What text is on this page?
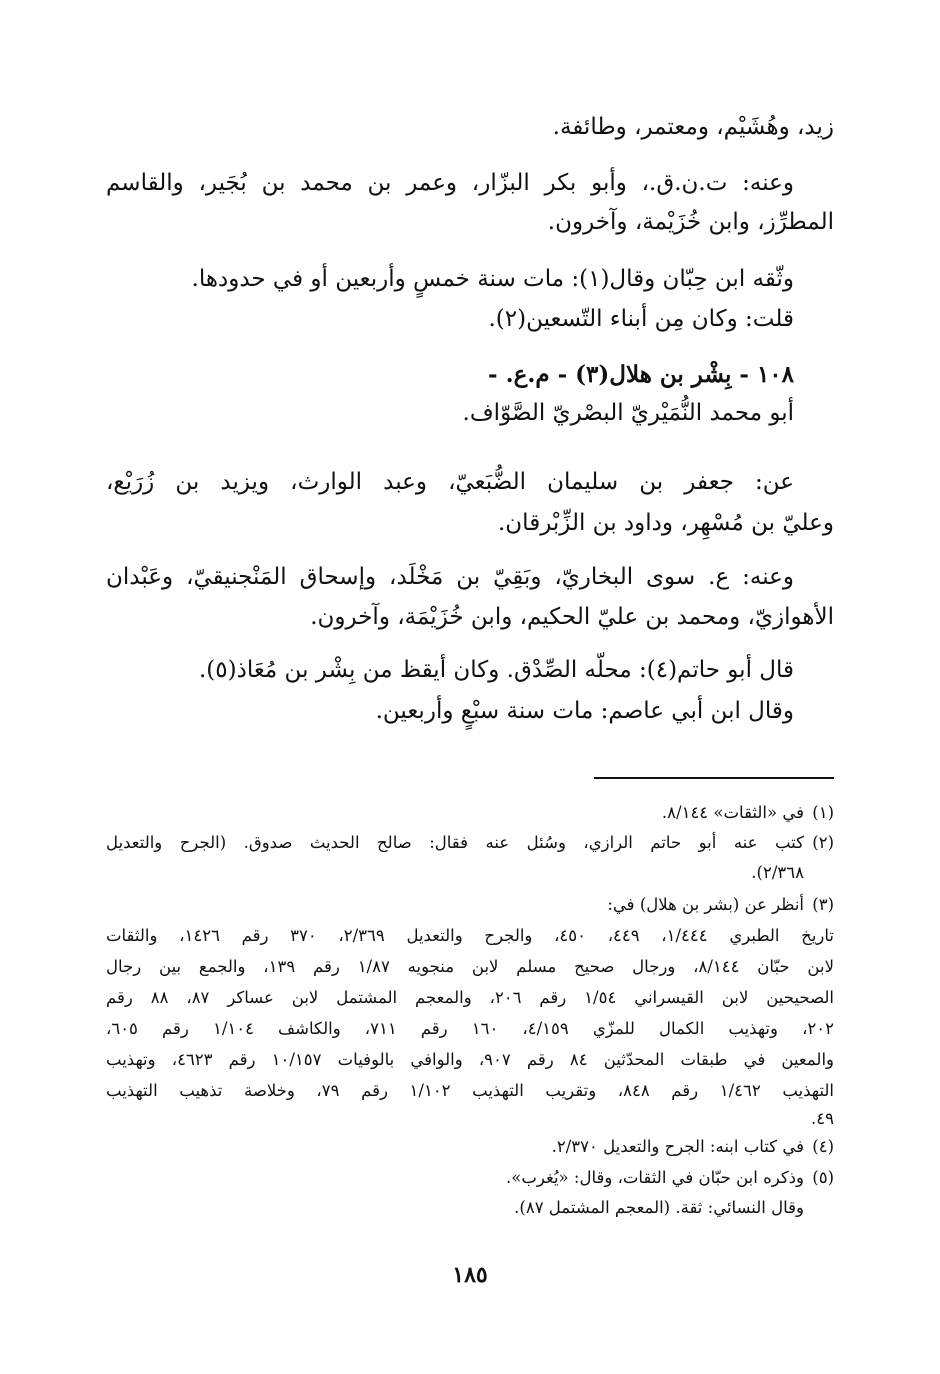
زيد، وهُشَيْم، ومعتمر، وطائفة.
وعنه: ت.ن.ق.، وأبو بكر البزّار، وعمر بن محمد بن بُجَير، والقاسم
المطرِّز، وابن خُزَيْمة، وآخرون.
وثّقه ابن حِبّان وقال(١): مات سنة خمسٍ وأربعين أو في حدودها.
قلت: وكان مِن أبناء التّسعين(٢).
١٠٨ - بِشْر بن هلال(٣) - م.ع. -
أبو محمد النُّمَيْريّ البصْريّ الصَّوّاف.
عن: جعفر بن سليمان الضُّبَعيّ، وعبد الوارث، ويزيد بن زُرَيْع،
وعليّ بن مُسْهِر، وداود بن الزِّبْرقان.
وعنه: ع. سوى البخاريّ، وبَقِيّ بن مَخْلَد، وإسحاق المَنْجنيقيّ، وعَبْدان
الأهوازيّ، ومحمد بن عليّ الحكيم، وابن خُزَيْمَة، وآخرون.
قال أبو حاتم(٤): محلّه الصِّدْق. وكان أيقظ من بِشْر بن مُعَاذ(٥).
وقال ابن أبي عاصم: مات سنة سبْعٍ وأربعين.
(١)في «الثقات» ٨/١٤٤.
(٢)كتب عنه أبو حاتم الرازي، وسُئل عنه فقال: صالح الحديث صدوق. (الجرح والتعديل
٢/٣٦٨).
(٣)أنظر عن (بشر بن هلال) في:
تاريخ الطبري ١/٤٤٤، ٤٤٩، ٤٥٠، والجرح والتعديل ٢/٣٦٩، ٣٧٠ رقم ١٤٢٦، والثقات
لابن حبّان ٨/١٤٤، ورجال صحيح مسلم لابن منجويه ١/٨٧ رقم ١٣٩، والجمع بين رجال
الصحيحين لابن القيسراني ١/٥٤ رقم ٢٠٦، والمعجم المشتمل لابن عساكر ٨٧، ٨٨ رقم
٢٠٢، وتهذيب الكمال للمزّي ٤/١٥٩، ١٦٠ رقم ٧١١، والكاشف ١/١٠٤ رقم ٦٠٥،
والمعين في طبقات المحدّثين ٨٤ رقم ٩٠٧، والوافي بالوفيات ١٠/١٥٧ رقم ٤٦٢٣، وتهذيب
التهذيب ١/٤٦٢ رقم ٨٤٨، وتقريب التهذيب ١/١٠٢ رقم ٧٩، وخلاصة تذهيب التهذيب
٤٩.
(٤)في كتاب ابنه: الجرح والتعديل ٢/٣٧٠.
(٥)وذكره ابن حبّان في الثقات، وقال: «يُغرب».
وقال النسائي: ثقة. (المعجم المشتمل ٨٧).
١٨٥
